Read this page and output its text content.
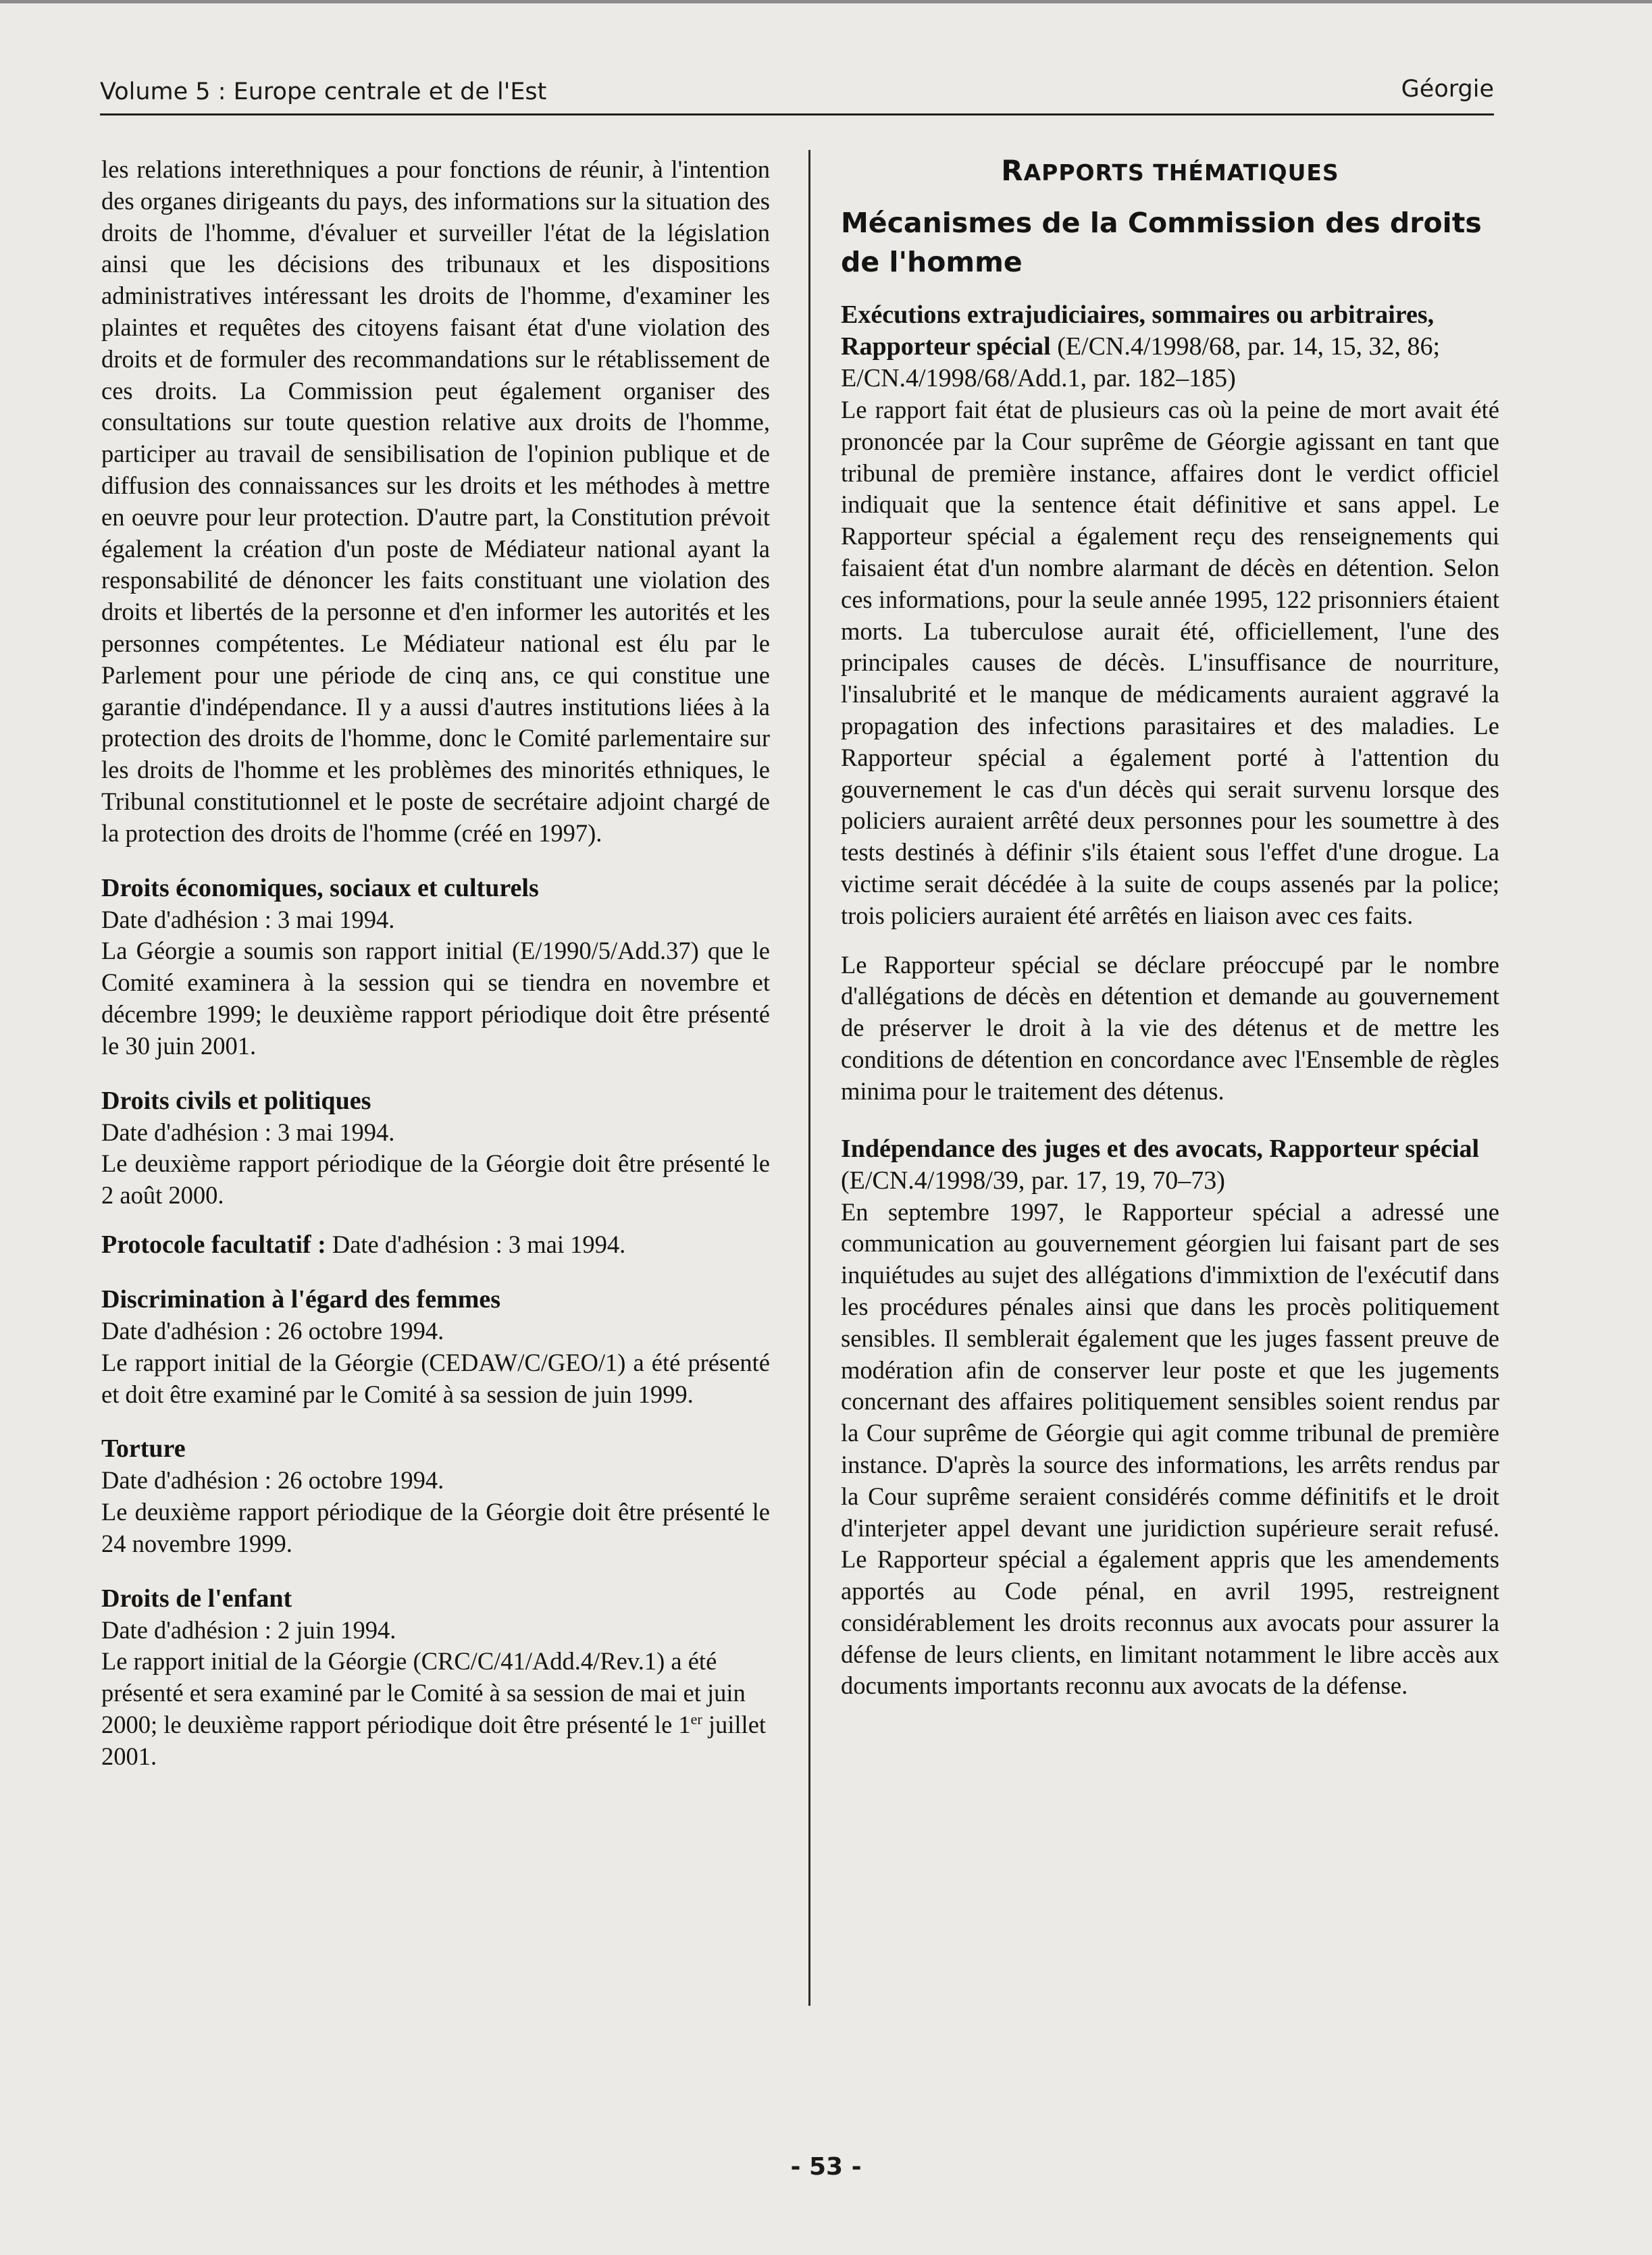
Volume 5 : Europe centrale et de l'Est	Géorgie

les relations interethniques a pour fonctions de réunir, à l'intention des organes dirigeants du pays, des informations sur la situation des droits de l'homme, d'évaluer et surveiller l'état de la législation ainsi que les décisions des tribunaux et les dispositions administratives intéressant les droits de l'homme, d'examiner les plaintes et requêtes des citoyens faisant état d'une violation des droits et de formuler des recommandations sur le rétablissement de ces droits. La Commission peut également organiser des consultations sur toute question relative aux droits de l'homme, participer au travail de sensibilisation de l'opinion publique et de diffusion des connaissances sur les droits et les méthodes à mettre en oeuvre pour leur protection. D'autre part, la Constitution prévoit également la création d'un poste de Médiateur national ayant la responsabilité de dénoncer les faits constituant une violation des droits et libertés de la personne et d'en informer les autorités et les personnes compétentes. Le Médiateur national est élu par le Parlement pour une période de cinq ans, ce qui constitue une garantie d'indépendance. Il y a aussi d'autres institutions liées à la protection des droits de l'homme, donc le Comité parlementaire sur les droits de l'homme et les problèmes des minorités ethniques, le Tribunal constitutionnel et le poste de secrétaire adjoint chargé de la protection des droits de l'homme (créé en 1997).

Droits économiques, sociaux et culturels

Date d'adhésion : 3 mai 1994.

La Géorgie a soumis son rapport initial (E/1990/5/Add.37) que le Comité examinera à la session qui se tiendra en novembre et décembre 1999; le deuxième rapport périodique doit être présenté le 30 juin 2001.

Droits civils et politiques

Date d'adhésion : 3 mai 1994.

Le deuxième rapport périodique de la Géorgie doit être présenté le 2 août 2000.

Protocole facultatif : Date d'adhésion : 3 mai 1994.

Discrimination à l'égard des femmes

Date d'adhésion : 26 octobre 1994.

Le rapport initial de la Géorgie (CEDAW/C/GEO/1) a été présenté et doit être examiné par le Comité à sa session de juin 1999.

Torture

Date d'adhésion : 26 octobre 1994.

Le deuxième rapport périodique de la Géorgie doit être présenté le 24 novembre 1999.

Droits de l'enfant

Date d'adhésion : 2 juin 1994.

Le rapport initial de la Géorgie (CRC/C/41/Add.4/Rev.1) a été présenté et sera examiné par le Comité à sa session de mai et juin 2000; le deuxième rapport périodique doit être présenté le 1er juillet 2001.

RAPPORTS THÉMATIQUES

Mécanismes de la Commission des droits de l'homme

Exécutions extrajudiciaires, sommaires ou arbitraires, Rapporteur spécial (E/CN.4/1998/68, par. 14, 15, 32, 86; E/CN.4/1998/68/Add.1, par. 182–185)

Le rapport fait état de plusieurs cas où la peine de mort avait été prononcée par la Cour suprême de Géorgie agissant en tant que tribunal de première instance, affaires dont le verdict officiel indiquait que la sentence était définitive et sans appel. Le Rapporteur spécial a également reçu des renseignements qui faisaient état d'un nombre alarmant de décès en détention. Selon ces informations, pour la seule année 1995, 122 prisonniers étaient morts. La tuberculose aurait été, officiellement, l'une des principales causes de décès. L'insuffisance de nourriture, l'insalubrité et le manque de médicaments auraient aggravé la propagation des infections parasitaires et des maladies. Le Rapporteur spécial a également porté à l'attention du gouvernement le cas d'un décès qui serait survenu lorsque des policiers auraient arrêté deux personnes pour les soumettre à des tests destinés à définir s'ils étaient sous l'effet d'une drogue. La victime serait décédée à la suite de coups assenés par la police; trois policiers auraient été arrêtés en liaison avec ces faits.

Le Rapporteur spécial se déclare préoccupé par le nombre d'allégations de décès en détention et demande au gouvernement de préserver le droit à la vie des détenus et de mettre les conditions de détention en concordance avec l'Ensemble de règles minima pour le traitement des détenus.

Indépendance des juges et des avocats, Rapporteur spécial (E/CN.4/1998/39, par. 17, 19, 70–73)

En septembre 1997, le Rapporteur spécial a adressé une communication au gouvernement géorgien lui faisant part de ses inquiétudes au sujet des allégations d'immixtion de l'exécutif dans les procédures pénales ainsi que dans les procès politiquement sensibles. Il semblerait également que les juges fassent preuve de modération afin de conserver leur poste et que les jugements concernant des affaires politiquement sensibles soient rendus par la Cour suprême de Géorgie qui agit comme tribunal de première instance. D'après la source des informations, les arrêts rendus par la Cour suprême seraient considérés comme définitifs et le droit d'interjeter appel devant une juridiction supérieure serait refusé. Le Rapporteur spécial a également appris que les amendements apportés au Code pénal, en avril 1995, restreignent considérablement les droits reconnus aux avocats pour assurer la défense de leurs clients, en limitant notamment le libre accès aux documents importants reconnu aux avocats de la défense.

- 53 -
